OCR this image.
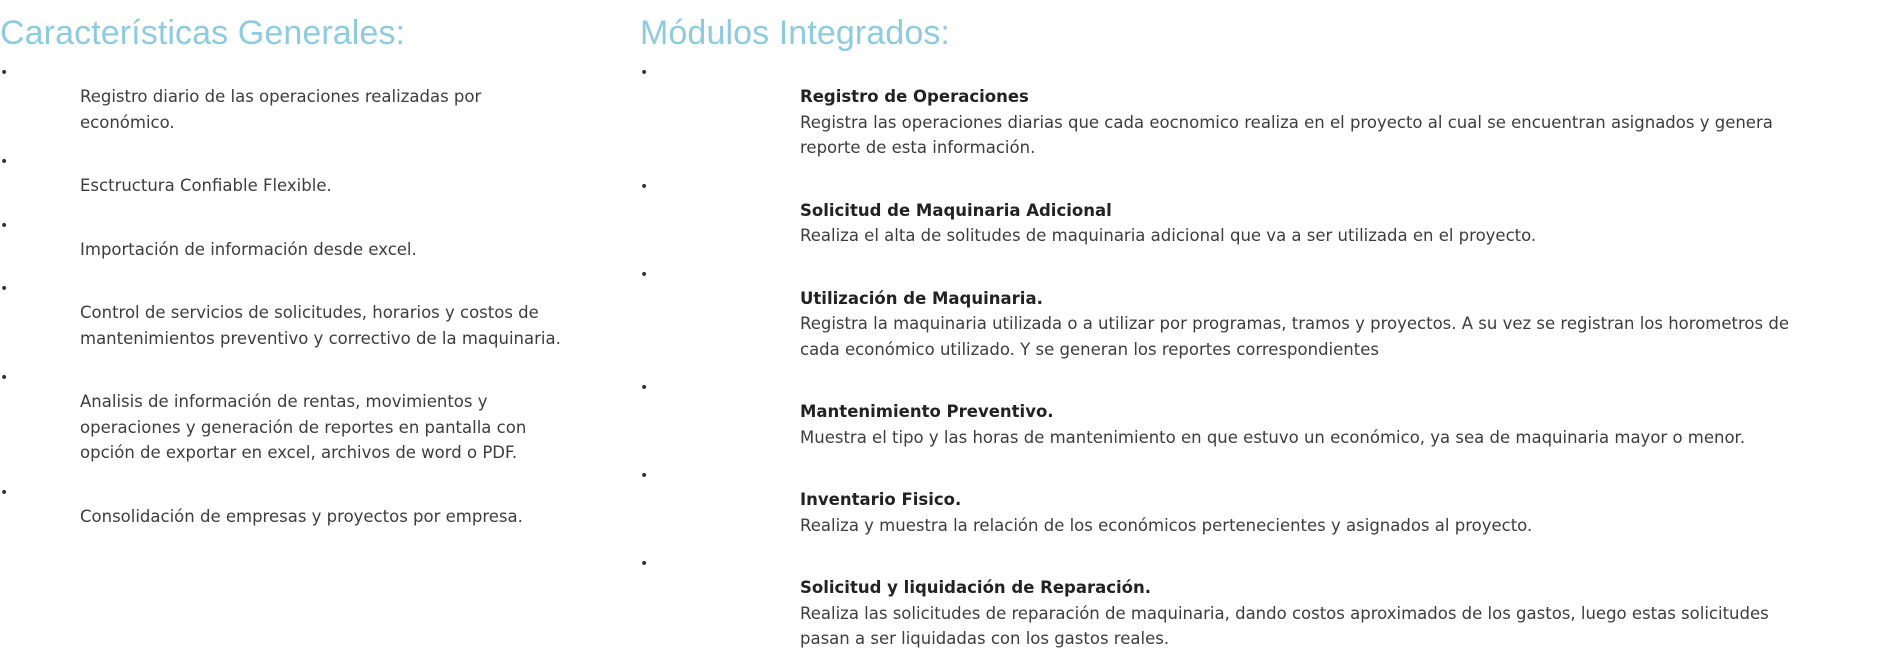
Características Generales:	Módulos Integrados:
•
Registro diario de las operaciones realizadas por económico.
•
Esctructura Confiable Flexible.
•
Importación de información desde excel.
•
Control de servicios de solicitudes, horarios y costos de mantenimientos preventivo y correctivo de la maquinaria.
•
Analisis de información de rentas, movimientos y operaciones y generación de reportes en pantalla con opción de exportar en excel, archivos de word o PDF.
•
Consolidación de empresas y proyectos por empresa.
•
Registro de Operaciones
Registra las operaciones diarias que cada eocnomico realiza en el proyecto al cual se encuentran asignados y genera reporte de esta información.
•
Solicitud de Maquinaria Adicional
Realiza el alta de solitudes de maquinaria adicional que va a ser utilizada en el proyecto.
•
Utilización de Maquinaria.
Registra la maquinaria utilizada o a utilizar por programas, tramos y proyectos. A su vez se registran los horometros de cada económico utilizado. Y se generan los reportes correspondientes
•
Mantenimiento Preventivo.
Muestra el tipo y las horas de mantenimiento en que estuvo un económico, ya sea de maquinaria mayor o menor.
•
Inventario Fisico.
Realiza y muestra la relación de los económicos pertenecientes y asignados al proyecto.
•
Solicitud y liquidación de Reparación.
Realiza las solicitudes de reparación de maquinaria, dando costos aproximados de los gastos, luego estas solicitudes pasan a ser liquidadas con los gastos reales.
